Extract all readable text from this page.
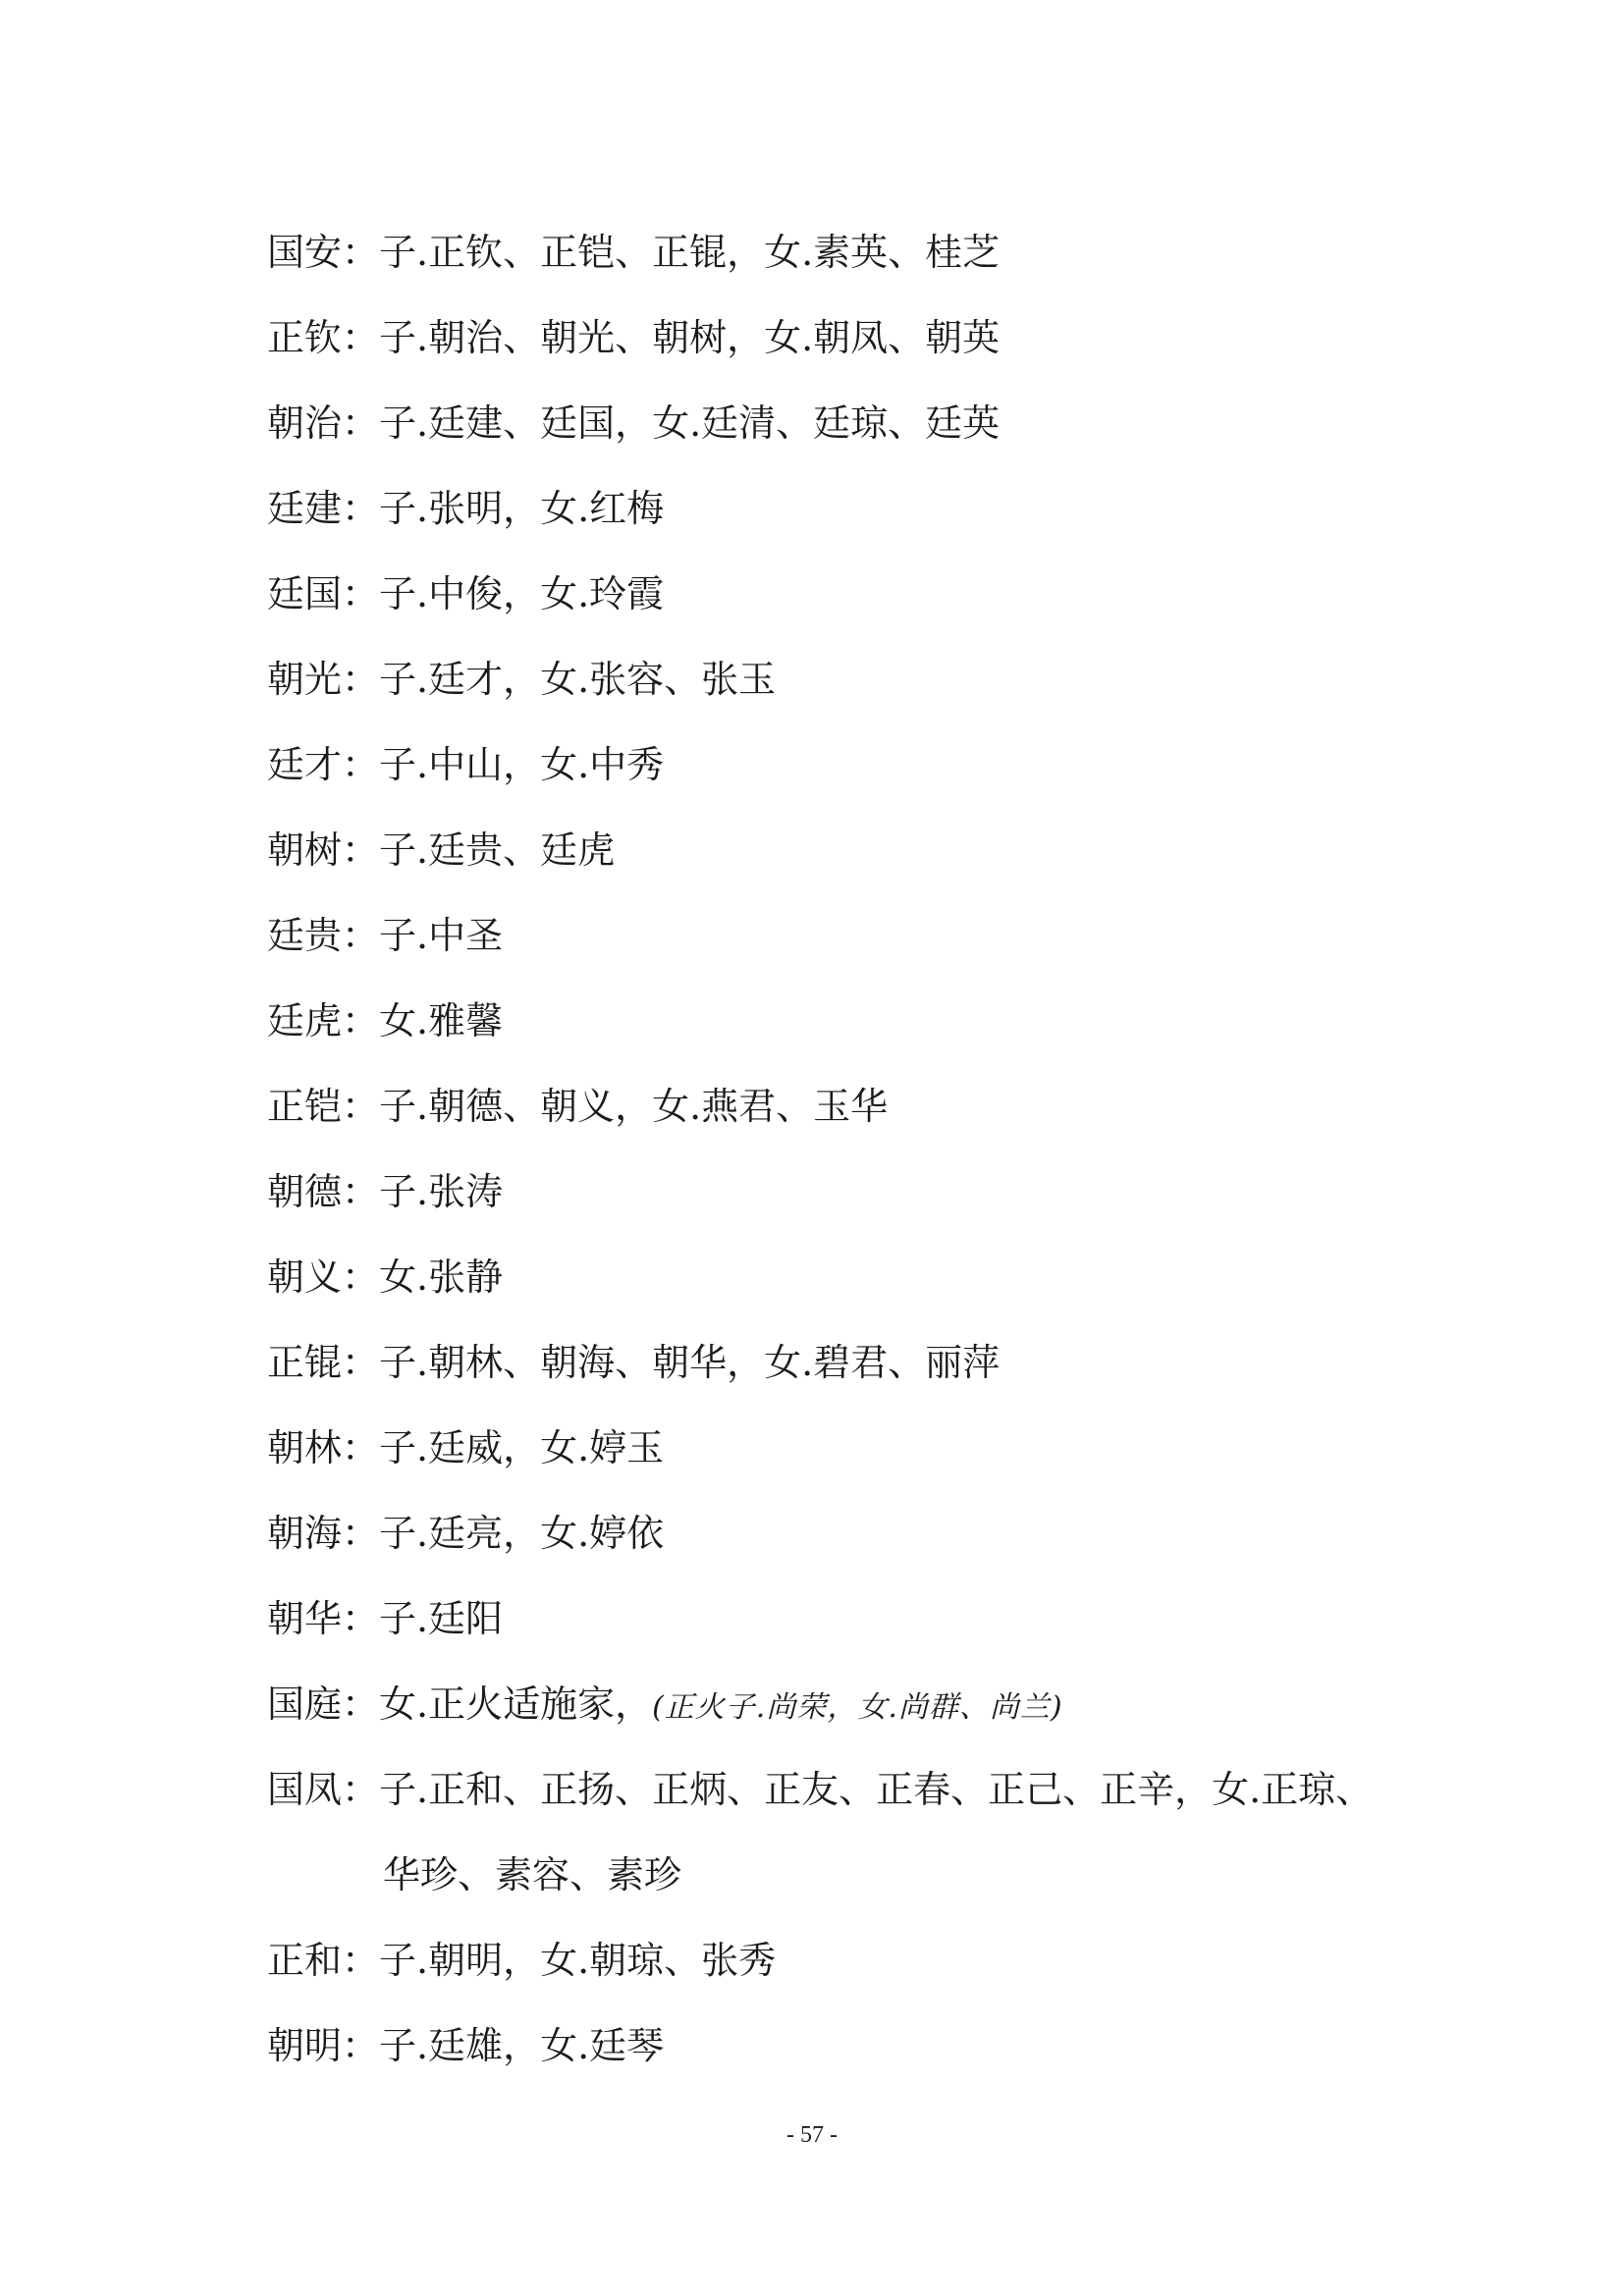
国安：子.正钦、正铠、正锟，女.素英、桂芝
正钦：子.朝治、朝光、朝树，女.朝凤、朝英
朝治：子.廷建、廷国，女.廷清、廷琼、廷英
廷建：子.张明，女.红梅
廷国：子.中俊，女.玲霞
朝光：子.廷才，女.张容、张玉
廷才：子.中山，女.中秀
朝树：子.廷贵、廷虎
廷贵：子.中圣
廷虎：女.雅馨
正铠：子.朝德、朝义，女.燕君、玉华
朝德：子.张涛
朝义：女.张静
正锟：子.朝林、朝海、朝华，女.碧君、丽萍
朝林：子.廷威，女.婷玉
朝海：子.廷亮，女.婷依
朝华：子.廷阳
国庭：女.正火适施家，(正火子.尚荣，女.尚群、尚兰)
国凤：子.正和、正扬、正炳、正友、正春、正己、正辛，女.正琼、
华珍、素容、素珍
正和：子.朝明，女.朝琼、张秀
朝明：子.廷雄，女.廷琴
- 57 -
